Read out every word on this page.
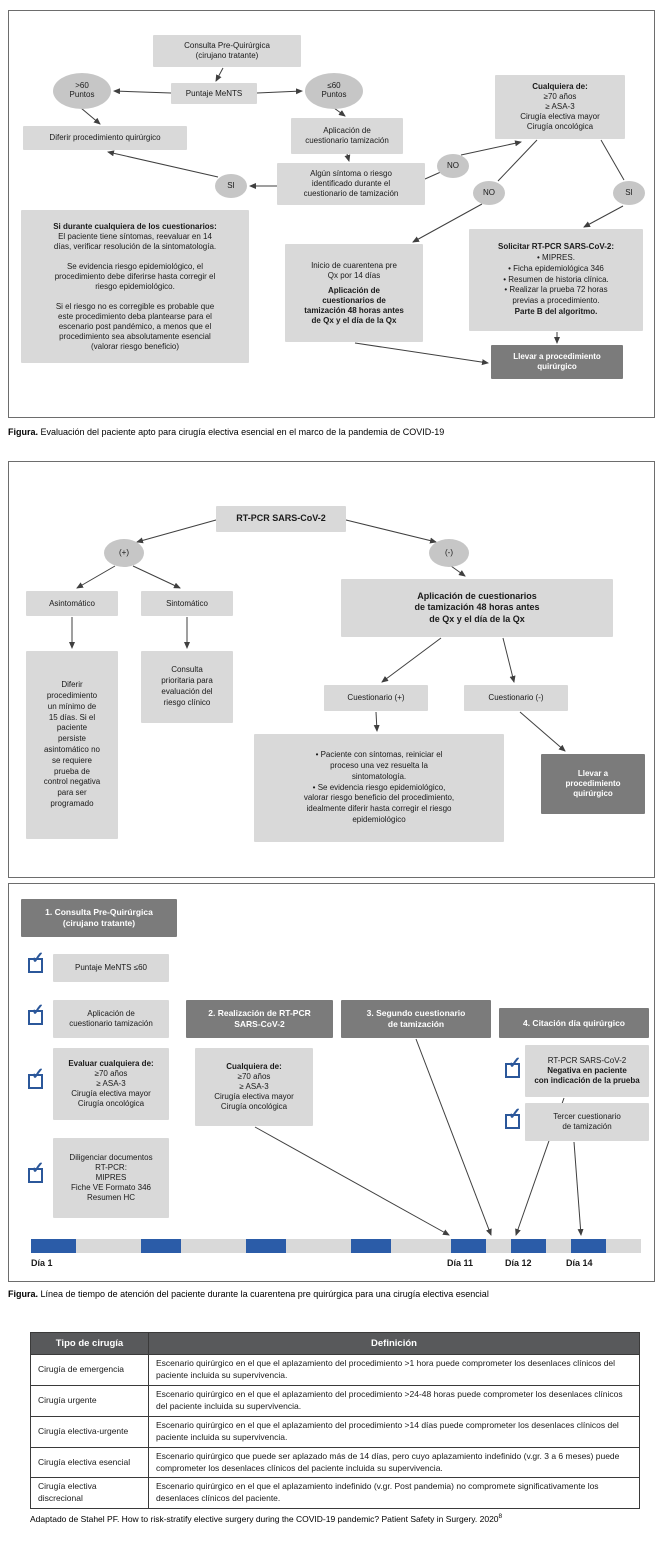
Consulta Pre-Quirúrgica
(cirujano tratante)
>60
Puntos	Puntaje MeNTS
≤60
Puntos
Diferir procedimiento quirúrgico
Aplicación de
cuestionario tamización
Cualquiera de:
≥70 años
≥ ASA-3
Cirugía electiva mayor
Cirugía oncológica
SI
Algún síntoma o riesgo
identificado durante el
cuestionario de tamización
NO
NO	SI
Si durante cualquiera de los cuestionarios:
El paciente tiene síntomas, reevaluar en 14
días, verificar resolución de la sintomatología.

Se evidencia riesgo epidemiológico, el
procedimiento debe diferirse hasta corregir el
riesgo epidemiológico.

Si el riesgo no es corregible es probable que
este procedimiento deba plantearse para el
escenario post pandémico, a menos que el
procedimiento sea absolutamente esencial
(valorar riesgo beneficio)
Inicio de cuarentena pre
Qx por 14 días
Aplicación de
cuestionarios de
tamización 48 horas antes
de Qx y el día de la Qx
Solicitar RT-PCR SARS-CoV-2:
• MIPRES.
• Ficha epidemiológica 346
• Resumen de historia clínica.
• Realizar la prueba 72 horas
previas a procedimiento.
Parte B del algoritmo.
Llevar a procedimiento quirúrgico
Figura. Evaluación del paciente apto para cirugía electiva esencial en el marco de la pandemia de COVID-19
RT-PCR SARS-CoV-2
(+)	(-)
Asintomático	Sintomático
Aplicación de cuestionarios
de tamización 48 horas antes
de Qx y el día de la Qx
Diferir
procedimiento
un mínimo de
15 días. Si el
paciente
persiste
asintomático no
se requiere
prueba de
control negativa
para ser
programado
Consulta
prioritaria para
evaluación del
riesgo clínico
Cuestionario (+)	Cuestionario (-)
• Paciente con síntomas, reiniciar el
proceso una vez resuelta la
sintomatología.
• Se evidencia riesgo epidemiológico,
valorar riesgo beneficio del procedimiento,
idealmente diferir hasta corregir el riesgo
epidemiológico
Llevar a
procedimiento
quirúrgico
1. Consulta Pre-Quirúrgica
(cirujano tratante)
✓
Puntaje MeNTS ≤60
✓	Aplicación de
cuestionario tamización
✓
Evaluar cualquiera de:
≥70 años
≥ ASA-3
Cirugía electiva mayor
Cirugía oncológica
✓
Diligenciar documentos
RT-PCR:
MIPRES
Fiche VE Formato 346
Resumen HC
2. Realización de RT-PCR
SARS-CoV-2
Cualquiera de:
≥70 años
≥ ASA-3
Cirugía electiva mayor
Cirugía oncológica
3. Segundo cuestionario
de tamización	4. Citación día quirúrgico
✓	RT-PCR SARS-CoV-2
Negativa en paciente
con indicación de la prueba
✓	Tercer cuestionario
de tamización
Día 1	Día 11	Día 12	Día 14
Figura. Línea de tiempo de atención del paciente durante la cuarentena pre quirúrgica para una cirugía electiva esencial
Tipo de cirugía	Definición
Cirugía de emergencia	Escenario quirúrgico en el que el aplazamiento del procedimiento >1 hora puede comprometer los desenlaces clínicos del paciente incluida su supervivencia.
Cirugía urgente	Escenario quirúrgico en el que el aplazamiento del procedimiento >24-48 horas puede comprometer los desenlaces clínicos del paciente incluida su supervivencia.
Cirugía electiva-urgente	Escenario quirúrgico en el que el aplazamiento del procedimiento >14 días puede comprometer los desenlaces clínicos del paciente incluida su supervivencia.
Cirugía electiva esencial	Escenario quirúrgico que puede ser aplazado más de 14 días, pero cuyo aplazamiento indefinido (v.gr. 3 a 6 meses) puede comprometer los desenlaces clínicos del paciente incluida su supervivencia.
Cirugía electiva discrecional	Escenario quirúrgico en el que el aplazamiento indefinido (v.gr. Post pandemia) no compromete significativamente los desenlaces clínicos del paciente.
Adaptado de Stahel PF. How to risk-stratify elective surgery during the COVID-19 pandemic? Patient Safety in Surgery. 2020$^8$
